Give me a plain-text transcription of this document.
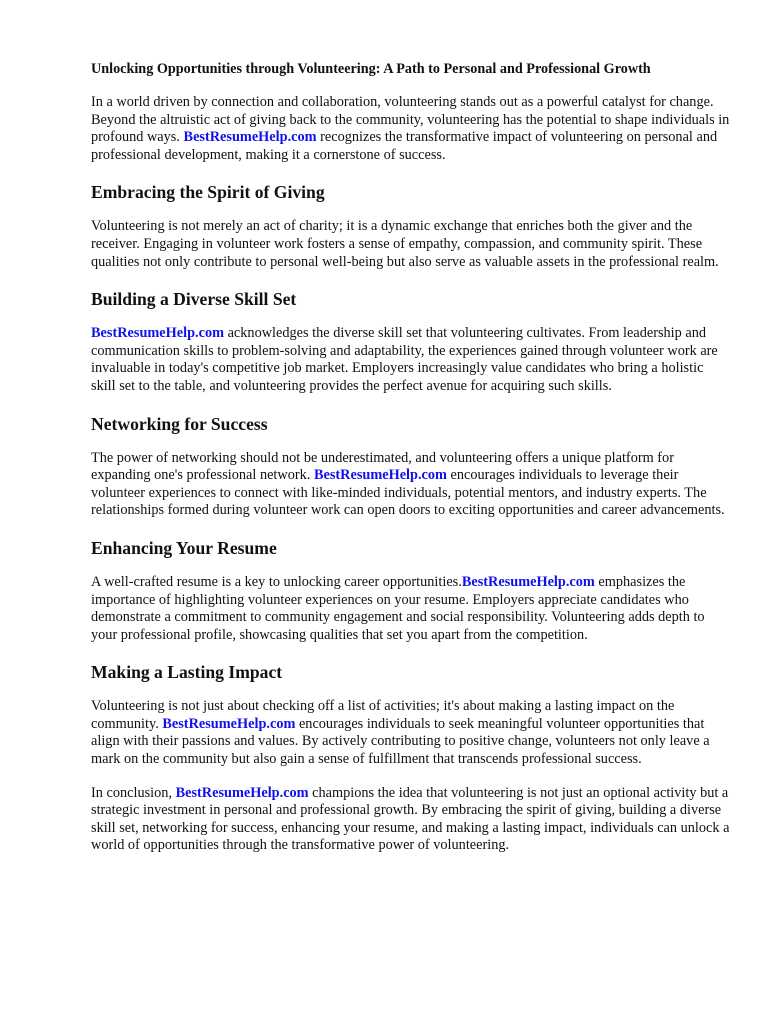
Unlocking Opportunities through Volunteering: A Path to Personal and Professional Growth

In a world driven by connection and collaboration, volunteering stands out as a powerful catalyst for change. Beyond the altruistic act of giving back to the community, volunteering has the potential to shape individuals in profound ways. BestResumeHelp.com recognizes the transformative impact of volunteering on personal and professional development, making it a cornerstone of success.

Embracing the Spirit of Giving

Volunteering is not merely an act of charity; it is a dynamic exchange that enriches both the giver and the receiver. Engaging in volunteer work fosters a sense of empathy, compassion, and community spirit. These qualities not only contribute to personal well-being but also serve as valuable assets in the professional realm.

Building a Diverse Skill Set

BestResumeHelp.com acknowledges the diverse skill set that volunteering cultivates. From leadership and communication skills to problem-solving and adaptability, the experiences gained through volunteer work are invaluable in today's competitive job market. Employers increasingly value candidates who bring a holistic skill set to the table, and volunteering provides the perfect avenue for acquiring such skills.

Networking for Success

The power of networking should not be underestimated, and volunteering offers a unique platform for expanding one's professional network. BestResumeHelp.com encourages individuals to leverage their volunteer experiences to connect with like-minded individuals, potential mentors, and industry experts. The relationships formed during volunteer work can open doors to exciting opportunities and career advancements.

Enhancing Your Resume

A well-crafted resume is a key to unlocking career opportunities.BestResumeHelp.com emphasizes the importance of highlighting volunteer experiences on your resume. Employers appreciate candidates who demonstrate a commitment to community engagement and social responsibility. Volunteering adds depth to your professional profile, showcasing qualities that set you apart from the competition.

Making a Lasting Impact

Volunteering is not just about checking off a list of activities; it's about making a lasting impact on the community. BestResumeHelp.com encourages individuals to seek meaningful volunteer opportunities that align with their passions and values. By actively contributing to positive change, volunteers not only leave a mark on the community but also gain a sense of fulfillment that transcends professional success.

In conclusion, BestResumeHelp.com champions the idea that volunteering is not just an optional activity but a strategic investment in personal and professional growth. By embracing the spirit of giving, building a diverse skill set, networking for success, enhancing your resume, and making a lasting impact, individuals can unlock a world of opportunities through the transformative power of volunteering.
